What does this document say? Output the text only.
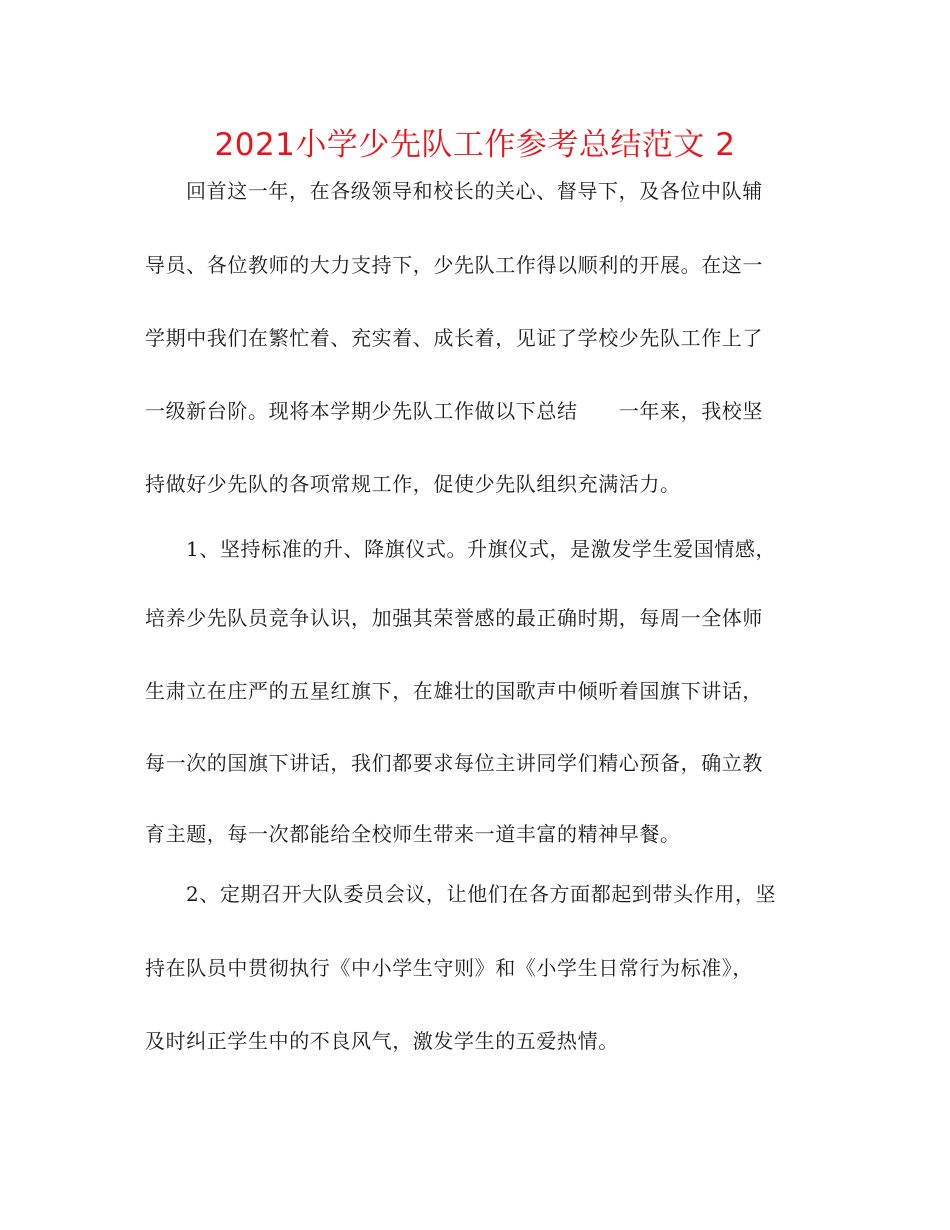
2021小学少先队工作参考总结范文 2
回首这一年，在各级领导和校长的关心、督导下，及各位中队辅
导员、各位教师的大力支持下，少先队工作得以顺利的开展。在这一
学期中我们在繁忙着、充实着、成长着，见证了学校少先队工作上了
一级新台阶。现将本学期少先队工作做以下总结　　一年来，我校坚
持做好少先队的各项常规工作，促使少先队组织充满活力。
1、坚持标准的升、降旗仪式。升旗仪式，是激发学生爱国情感，
培养少先队员竞争认识，加强其荣誉感的最正确时期，每周一全体师
生肃立在庄严的五星红旗下，在雄壮的国歌声中倾听着国旗下讲话，
每一次的国旗下讲话，我们都要求每位主讲同学们精心预备，确立教
育主题，每一次都能给全校师生带来一道丰富的精神早餐。
2、定期召开大队委员会议，让他们在各方面都起到带头作用，坚
持在队员中贯彻执行《中小学生守则》和《小学生日常行为标准》，
及时纠正学生中的不良风气，激发学生的五爱热情。
